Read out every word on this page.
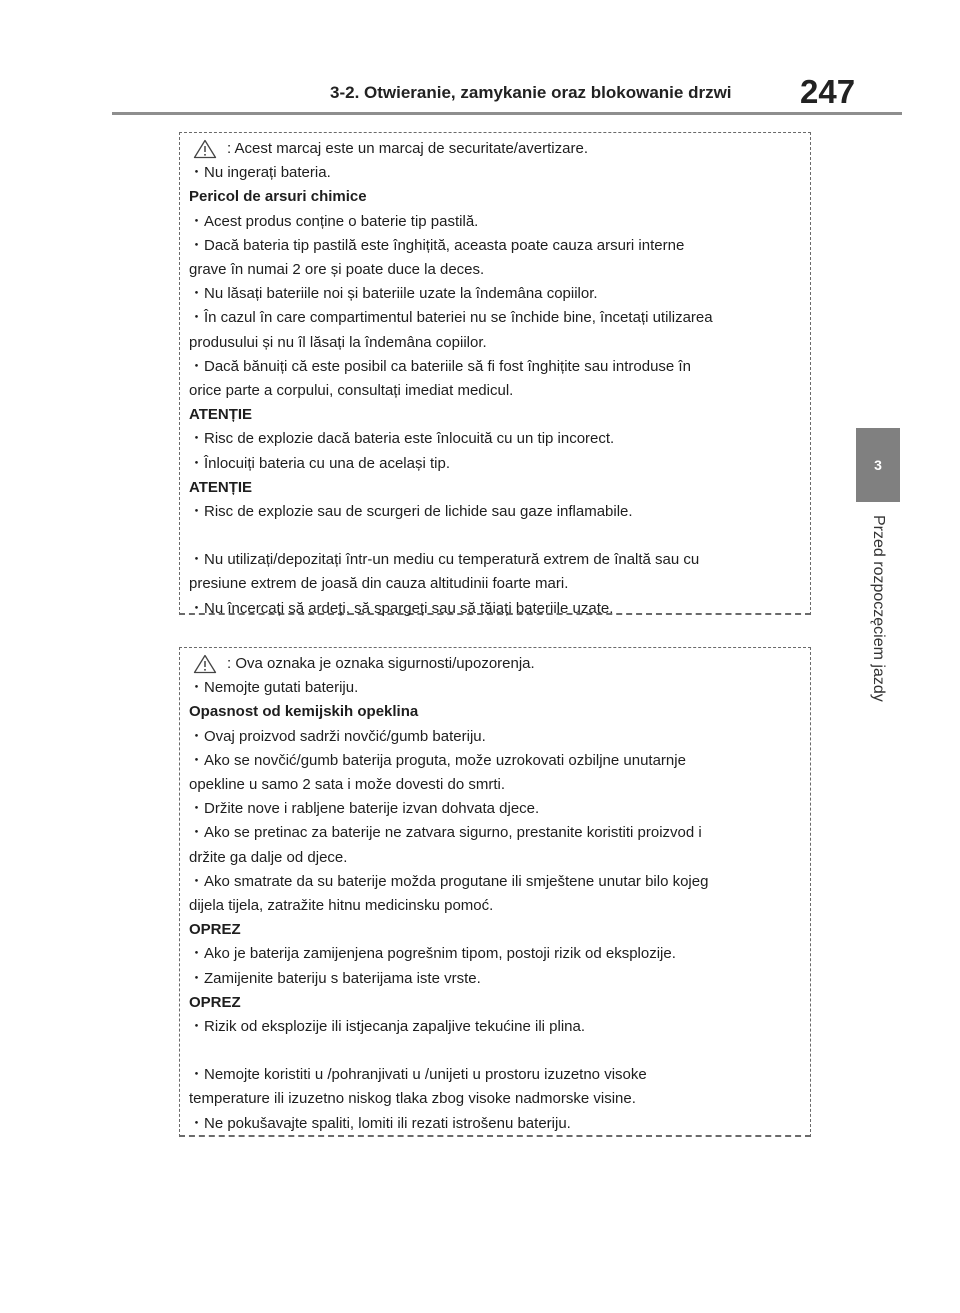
3-2. Otwieranie, zamykanie oraz blokowanie drzwi 247
3
Przed rozpoczęciem jazdy
: Acest marcaj este un marcaj de securitate/avertizare.
・Nu ingerați bateria.
Pericol de arsuri chimice
・Acest produs conține o baterie tip pastilă.
・Dacă bateria tip pastilă este înghițită, aceasta poate cauza arsuri interne
grave în numai 2 ore și poate duce la deces.
・Nu lăsați bateriile noi și bateriile uzate la îndemâna copiilor.
・În cazul în care compartimentul bateriei nu se închide bine, încetați utilizarea
produsului și nu îl lăsați la îndemâna copiilor.
・Dacă bănuiți că este posibil ca bateriile să fi fost înghițite sau introduse în
orice parte a corpului, consultați imediat medicul.
ATENȚIE
・Risc de explozie dacă bateria este înlocuită cu un tip incorect.
・Înlocuiți bateria cu una de același tip.
ATENȚIE
・Risc de explozie sau de scurgeri de lichide sau gaze inflamabile.
・Nu utilizați/depozitați într-un mediu cu temperatură extrem de înaltă sau cu
presiune extrem de joasă din cauza altitudinii foarte mari.
・Nu încercați să ardeți, să spargeți sau să tăiați bateriile uzate.
: Ova oznaka je oznaka sigurnosti/upozorenja.
・Nemojte gutati bateriju.
Opasnost od kemijskih opeklina
・Ovaj proizvod sadrži novčić/gumb bateriju.
・Ako se novčić/gumb baterija proguta, može uzrokovati ozbiljne unutarnje
opekline u samo 2 sata i može dovesti do smrti.
・Držite nove i rabljene baterije izvan dohvata djece.
・Ako se pretinac za baterije ne zatvara sigurno, prestanite koristiti proizvod i
držite ga dalje od djece.
・Ako smatrate da su baterije možda progutane ili smještene unutar bilo kojeg
dijela tijela, zatražite hitnu medicinsku pomoć.
OPREZ
・Ako je baterija zamijenjena pogrešnim tipom, postoji rizik od eksplozije.
・Zamijenite bateriju s baterijama iste vrste.
OPREZ
・Rizik od eksplozije ili istjecanja zapaljive tekućine ili plina.
・Nemojte koristiti u /pohranjivati u /unijeti u prostoru izuzetno visoke
temperature ili izuzetno niskog tlaka zbog visoke nadmorske visine.
・Ne pokušavajte spaliti, lomiti ili rezati istrošenu bateriju.
